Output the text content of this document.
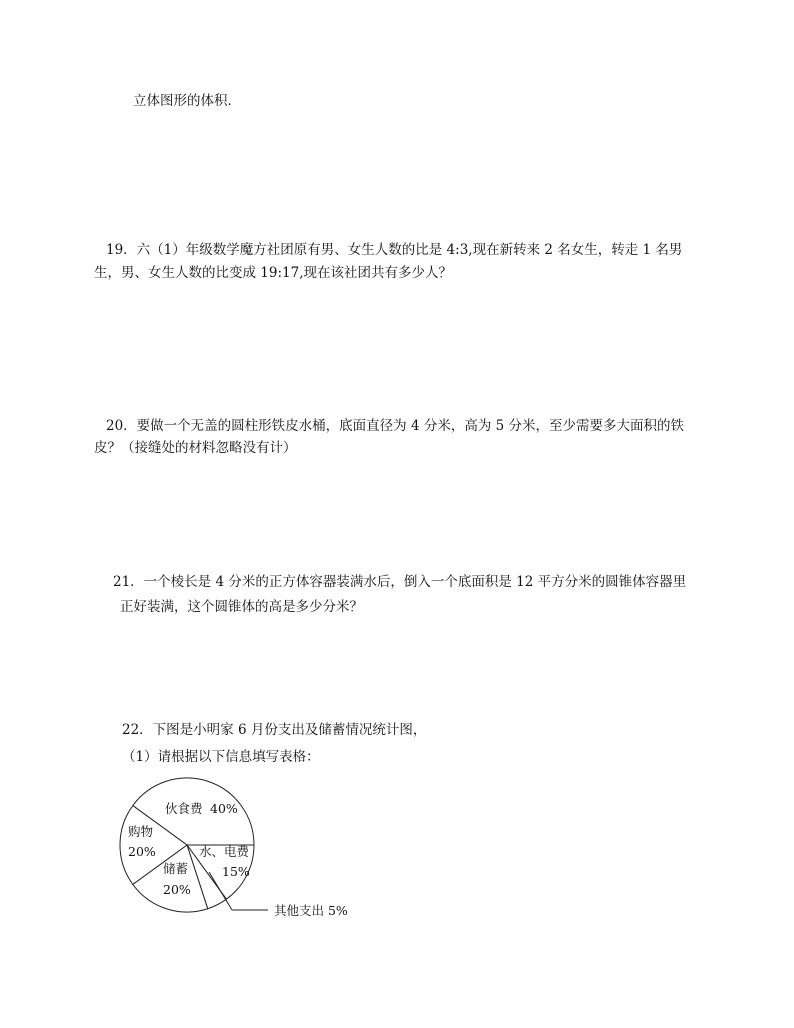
立体图形的体积．
19．六（1）年级数学魔方社团原有男、女生人数的比是 4:3,现在新转来 2 名女生，转走 1 名男
生，男、女生人数的比变成 19:17,现在该社团共有多少人？
20．要做一个无盖的圆柱形铁皮水桶，底面直径为 4 分米，高为 5 分米，至少需要多大面积的铁
皮？（接缝处的材料忽略没有计）
21．一个棱长是 4 分米的正方体容器装满水后，倒入一个底面积是 12 平方分米的圆锥体容器里
正好装满，这个圆锥体的高是多少分米？
22．下图是小明家 6 月份支出及储蓄情况统计图，
（1）请根据以下信息填写表格：
伙食费 40%
购物
20%	水、电费
15%
储蓄
20%
其他支出 5%
